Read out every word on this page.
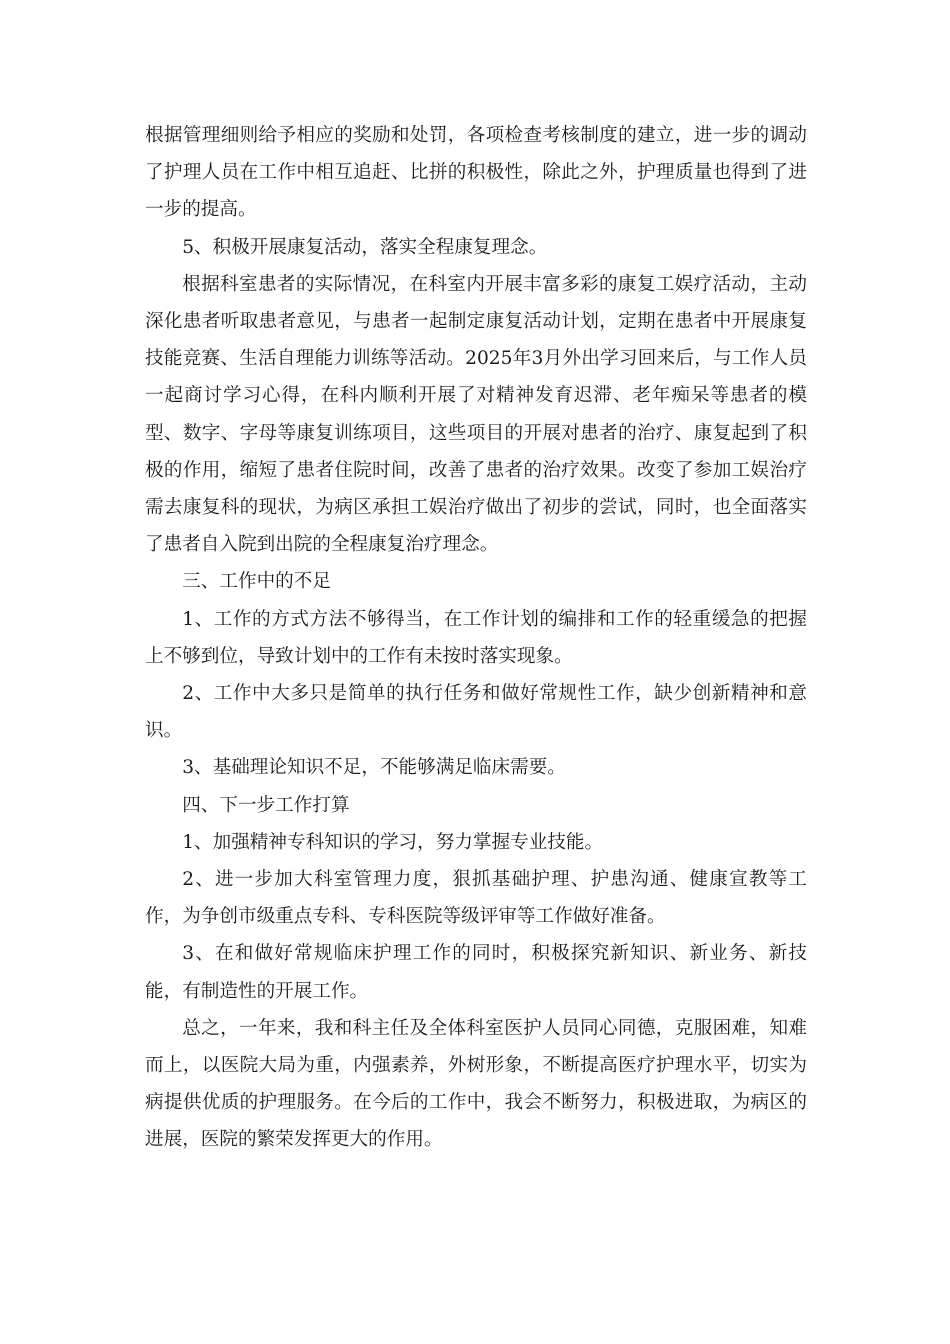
根据管理细则给予相应的奖励和处罚，各项检查考核制度的建立，进一步的调动了护理人员在工作中相互追赶、比拼的积极性，除此之外，护理质量也得到了进一步的提高。

5、积极开展康复活动，落实全程康复理念。

根据科室患者的实际情况，在科室内开展丰富多彩的康复工娱疗活动，主动深化患者听取患者意见，与患者一起制定康复活动计划，定期在患者中开展康复技能竞赛、生活自理能力训练等活动。2025年3月外出学习回来后，与工作人员一起商讨学习心得，在科内顺利开展了对精神发育迟滞、老年痴呆等患者的模型、数字、字母等康复训练项目，这些项目的开展对患者的治疗、康复起到了积极的作用，缩短了患者住院时间，改善了患者的治疗效果。改变了参加工娱治疗需去康复科的现状，为病区承担工娱治疗做出了初步的尝试，同时，也全面落实了患者自入院到出院的全程康复治疗理念。

三、工作中的不足

1、工作的方式方法不够得当，在工作计划的编排和工作的轻重缓急的把握上不够到位，导致计划中的工作有未按时落实现象。

2、工作中大多只是简单的执行任务和做好常规性工作，缺少创新精神和意识。

3、基础理论知识不足，不能够满足临床需要。

四、下一步工作打算

1、加强精神专科知识的学习，努力掌握专业技能。

2、进一步加大科室管理力度，狠抓基础护理、护患沟通、健康宣教等工作，为争创市级重点专科、专科医院等级评审等工作做好准备。

3、在和做好常规临床护理工作的同时，积极探究新知识、新业务、新技能，有制造性的开展工作。

总之，一年来，我和科主任及全体科室医护人员同心同德，克服困难，知难而上，以医院大局为重，内强素养，外树形象，不断提高医疗护理水平，切实为病提供优质的护理服务。在今后的工作中，我会不断努力，积极进取，为病区的进展，医院的繁荣发挥更大的作用。
